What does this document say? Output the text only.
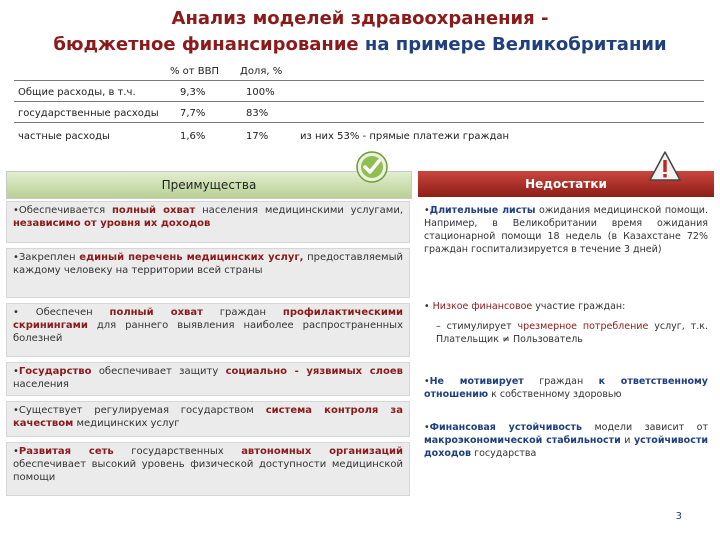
Анализ моделей здравоохранения -
бюджетное финансирование на примере Великобритании
% от ВВП Доля, %
Общие расходы, в т.ч.	9,3%	100%
государственные расходы 7,7%	83%
частные расходы	1,6%	17%	из них 53% - прямые платежи граждан
Преимущества	Недостатки
•Обеспечивается полный охват населения медицинскими услугами, независимо от уровня их доходов
•Закреплен единый перечень медицинских услуг, предоставляемый каждому человеку на территории всей страны
• Обеспечен полный охват граждан профилактическими скринингами для раннего выявления наиболее распространенных болезней
•Государство обеспечивает защиту социально - уязвимых слоев населения
•Существует регулируемая государством система контроля за качеством медицинских услуг
•Развитая сеть государственных автономных организаций обеспечивает высокий уровень физической доступности медицинской помощи
•Длительные листы ожидания медицинской помощи. Например, в Великобритании время ожидания стационарной помощи 18 недель (в Казахстане 72% граждан госпитализируется в течение 3 дней)
• Низкое финансовое участие граждан:
– стимулирует чрезмерное потребление услуг, т.к. Плательщик ≠ Пользователь
•Не мотивирует граждан к ответственному отношению к собственному здоровью
•Финансовая устойчивость модели зависит от макроэкономической стабильности и устойчивости доходов государства
3
